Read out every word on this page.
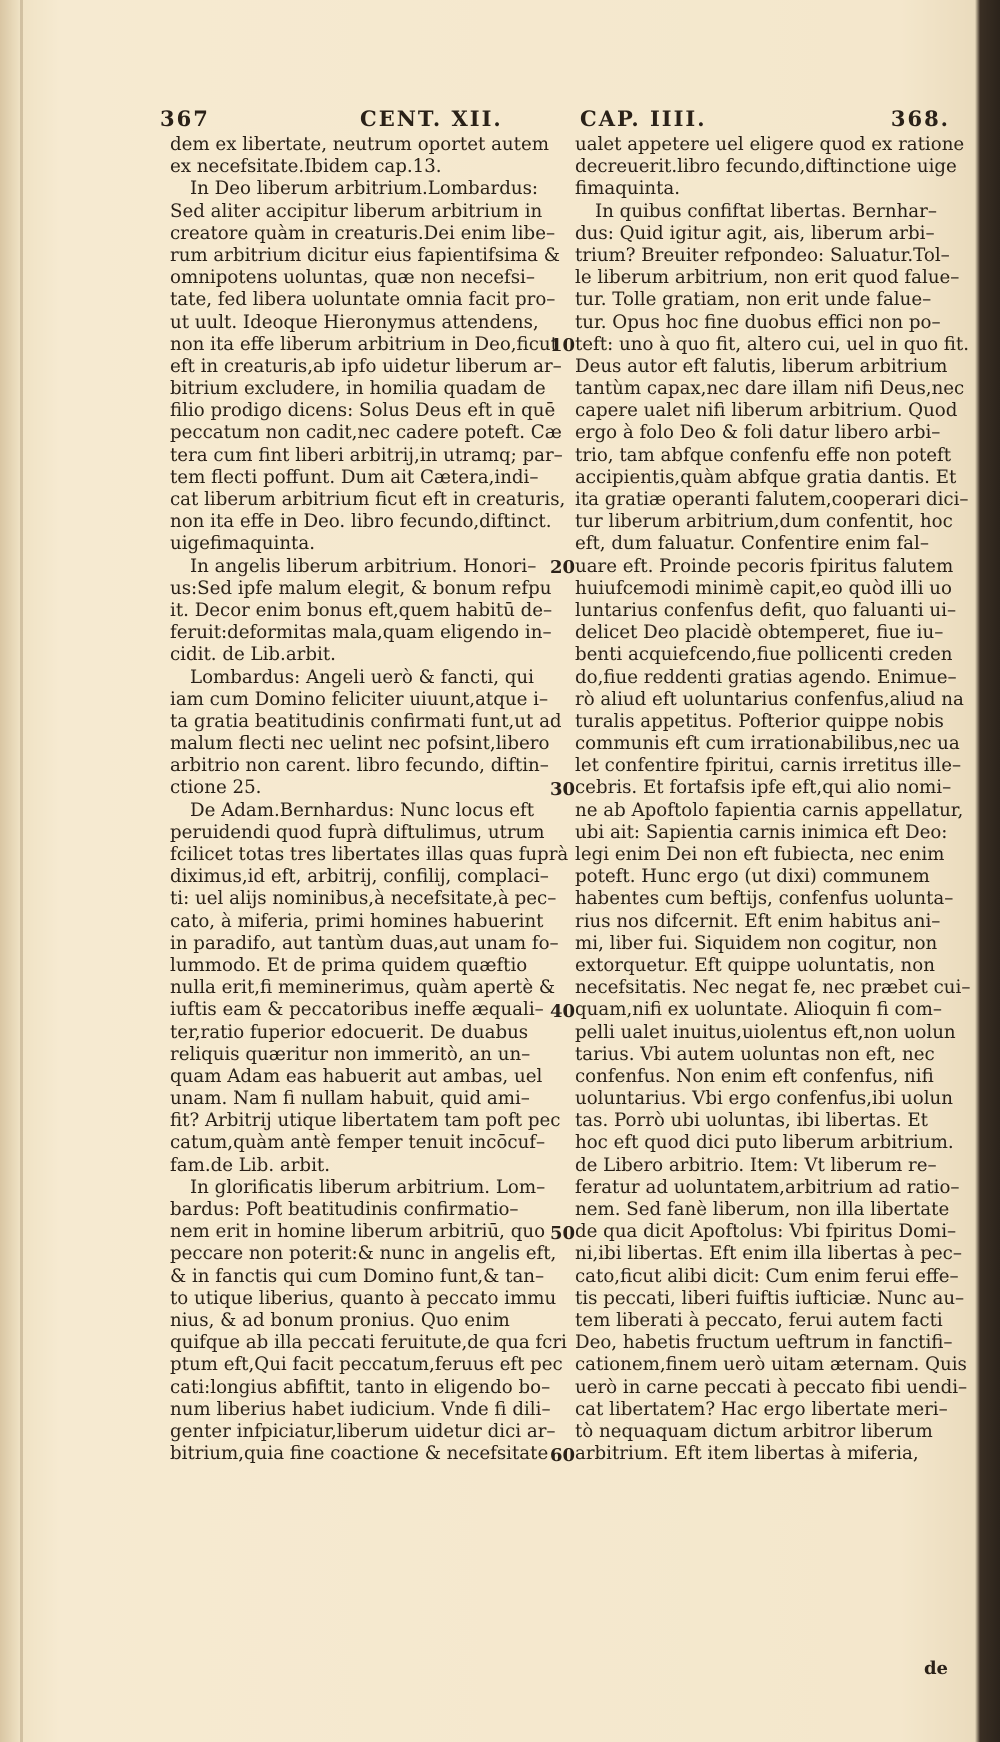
367	CENT. XII.	CAP. IIII.	368.
dem ex libertate, neutrum oportet autem
ex necefsitate.Ibidem cap.13.
In Deo liberum arbitrium.Lombardus:
Sed aliter accipitur liberum arbitrium in
creatore quàm in creaturis.Dei enim libe–
rum arbitrium dicitur eius fapientifsima &
omnipotens uoluntas, quæ non necefsi–
tate, fed libera uoluntate omnia facit pro–
ut uult. Ideoque Hieronymus attendens,
non ita effe liberum arbitrium in Deo,ficut
eft in creaturis,ab ipfo uidetur liberum ar–
bitrium excludere, in homilia quadam de
filio prodigo dicens: Solus Deus eft in quē
peccatum non cadit,nec cadere poteft. Cæ
tera cum fint liberi arbitrij,in utramq; par–
tem flecti poffunt. Dum ait Cætera,indi–
cat liberum arbitrium ficut eft in creaturis,
non ita effe in Deo. libro fecundo,diftinct.
uigefimaquinta.
In angelis liberum arbitrium. Honori–
us:Sed ipfe malum elegit, & bonum refpu
it. Decor enim bonus eft,quem habitū de–
feruit:deformitas mala,quam eligendo in–
cidit. de Lib.arbit.
Lombardus: Angeli uerò & fancti, qui
iam cum Domino feliciter uiuunt,atque i–
ta gratia beatitudinis confirmati funt,ut ad
malum flecti nec uelint nec pofsint,libero
arbitrio non carent. libro fecundo, diftin–
ctione 25.
De Adam.Bernhardus: Nunc locus eft
peruidendi quod fuprà diftulimus, utrum
fcilicet totas tres libertates illas quas fuprà
diximus,id eft, arbitrij, confilij, complaci–
ti: uel alijs nominibus,à necefsitate,à pec–
cato, à miferia, primi homines habuerint
in paradifo, aut tantùm duas,aut unam fo–
lummodo. Et de prima quidem quæftio
nulla erit,fi meminerimus, quàm apertè &
iuftis eam & peccatoribus ineffe æquali–
ter,ratio fuperior edocuerit. De duabus
reliquis quæritur non immeritò, an un–
quam Adam eas habuerit aut ambas, uel
unam. Nam fi nullam habuit, quid ami–
fit? Arbitrij utique libertatem tam poft pec
catum,quàm antè femper tenuit incōcuf–
fam.de Lib. arbit.
In glorificatis liberum arbitrium. Lom–
bardus: Poft beatitudinis confirmatio–
nem erit in homine liberum arbitriū, quo
peccare non poterit:& nunc in angelis eft,
& in fanctis qui cum Domino funt,& tan–
to utique liberius, quanto à peccato immu
nius, & ad bonum pronius. Quo enim
quifque ab illa peccati feruitute,de qua fcri
ptum eft,Qui facit peccatum,feruus eft pec
cati:longius abfiftit, tanto in eligendo bo–
num liberius habet iudicium. Vnde fi dili–
genter infpiciatur,liberum uidetur dici ar–
bitrium,quia fine coactione & necefsitate
ualet appetere uel eligere quod ex ratione
decreuerit.libro fecundo,diftinctione uige
fimaquinta.
In quibus confiftat libertas. Bernhar–
dus: Quid igitur agit, ais, liberum arbi–
trium? Breuiter refpondeo: Saluatur.Tol–
le liberum arbitrium, non erit quod falue–
tur. Tolle gratiam, non erit unde falue–
tur. Opus hoc fine duobus effici non po–
teft: uno à quo fit, altero cui, uel in quo fit.
Deus autor eft falutis, liberum arbitrium
tantùm capax,nec dare illam nifi Deus,nec
capere ualet nifi liberum arbitrium. Quod
ergo à folo Deo & foli datur libero arbi–
trio, tam abfque confenfu effe non poteft
accipientis,quàm abfque gratia dantis. Et
ita gratiæ operanti falutem,cooperari dici–
tur liberum arbitrium,dum confentit, hoc
eft, dum faluatur. Confentire enim fal–
uare eft. Proinde pecoris fpiritus falutem
huiufcemodi minimè capit,eo quòd illi uo
luntarius confenfus defit, quo faluanti ui–
delicet Deo placidè obtemperet, fiue iu–
benti acquiefcendo,fiue pollicenti creden
do,fiue reddenti gratias agendo. Enimue–
rò aliud eft uoluntarius confenfus,aliud na
turalis appetitus. Pofterior quippe nobis
communis eft cum irrationabilibus,nec ua
let confentire fpiritui, carnis irretitus ille–
cebris. Et fortafsis ipfe eft,qui alio nomi–
ne ab Apoftolo fapientia carnis appellatur,
ubi ait: Sapientia carnis inimica eft Deo:
legi enim Dei non eft fubiecta, nec enim
poteft. Hunc ergo (ut dixi) communem
habentes cum beftijs, confenfus uolunta–
rius nos difcernit. Eft enim habitus ani–
mi, liber fui. Siquidem non cogitur, non
extorquetur. Eft quippe uoluntatis, non
necefsitatis. Nec negat fe, nec præbet cui–
quam,nifi ex uoluntate. Alioquin fi com–
pelli ualet inuitus,uiolentus eft,non uolun
tarius. Vbi autem uoluntas non eft, nec
confenfus. Non enim eft confenfus, nifi
uoluntarius. Vbi ergo confenfus,ibi uolun
tas. Porrò ubi uoluntas, ibi libertas. Et
hoc eft quod dici puto liberum arbitrium.
de Libero arbitrio. Item: Vt liberum re–
feratur ad uoluntatem,arbitrium ad ratio–
nem. Sed fanè liberum, non illa libertate
de qua dicit Apoftolus: Vbi fpiritus Domi–
ni,ibi libertas. Eft enim illa libertas à pec–
cato,ficut alibi dicit: Cum enim ferui effe–
tis peccati, liberi fuiftis iufticiæ. Nunc au–
tem liberati à peccato, ferui autem facti
Deo, habetis fructum ueftrum in fanctifi–
cationem,finem uerò uitam æternam. Quis
uerò in carne peccati à peccato fibi uendi–
cat libertatem? Hac ergo libertate meri–
tò nequaquam dictum arbitror liberum
arbitrium. Eft item libertas à miferia,
10
20
30
40
50
60
de
